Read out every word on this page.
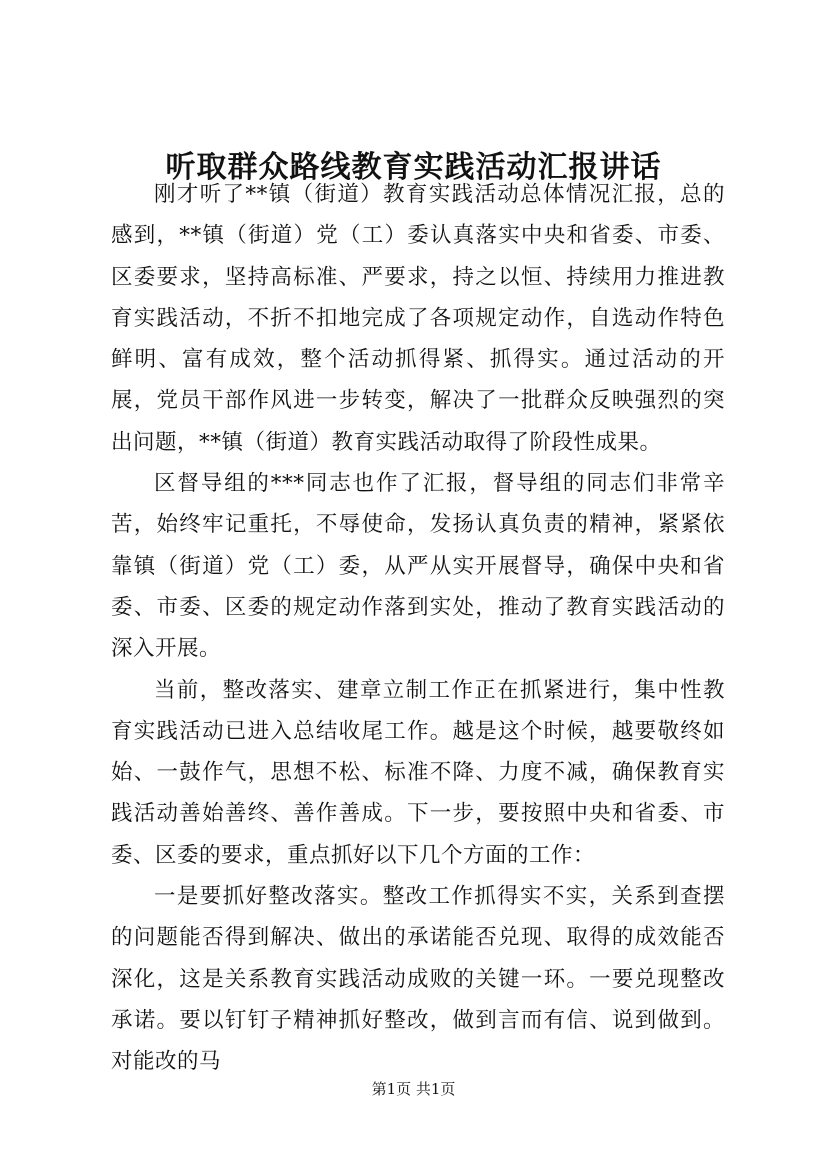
听取群众路线教育实践活动汇报讲话

刚才听了**镇（街道）教育实践活动总体情况汇报，总的感到，**镇（街道）党（工）委认真落实中央和省委、市委、区委要求，坚持高标准、严要求，持之以恒、持续用力推进教育实践活动，不折不扣地完成了各项规定动作，自选动作特色鲜明、富有成效，整个活动抓得紧、抓得实。通过活动的开展，党员干部作风进一步转变，解决了一批群众反映强烈的突出问题，**镇（街道）教育实践活动取得了阶段性成果。

区督导组的***同志也作了汇报，督导组的同志们非常辛苦，始终牢记重托，不辱使命，发扬认真负责的精神，紧紧依靠镇（街道）党（工）委，从严从实开展督导，确保中央和省委、市委、区委的规定动作落到实处，推动了教育实践活动的深入开展。

当前，整改落实、建章立制工作正在抓紧进行，集中性教育实践活动已进入总结收尾工作。越是这个时候，越要敬终如始、一鼓作气，思想不松、标准不降、力度不减，确保教育实践活动善始善终、善作善成。下一步，要按照中央和省委、市委、区委的要求，重点抓好以下几个方面的工作：

一是要抓好整改落实。整改工作抓得实不实，关系到查摆的问题能否得到解决、做出的承诺能否兑现、取得的成效能否深化，这是关系教育实践活动成败的关键一环。一要兑现整改承诺。要以钉钉子精神抓好整改，做到言而有信、说到做到。对能改的马

第1页 共1页
